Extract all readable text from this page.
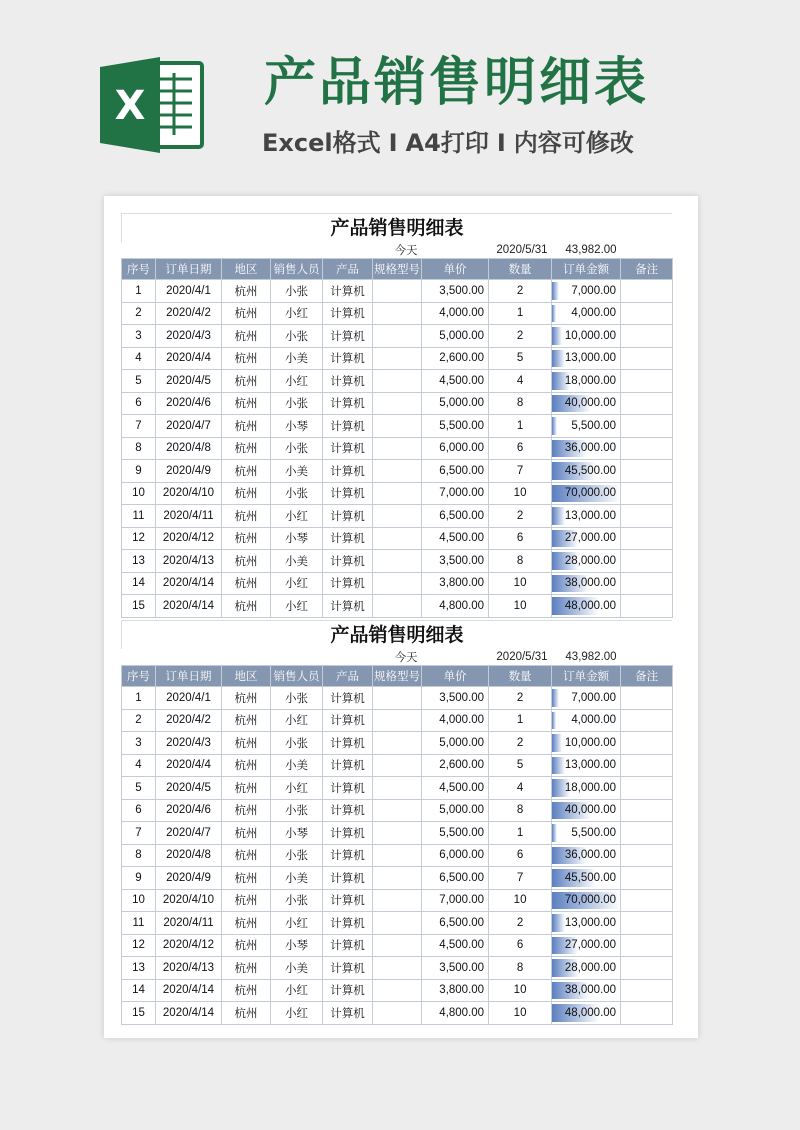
X 产品销售明细表
Excel格式 I A4打印 I 内容可修改
产品销售明细表
今天						2020/5/31		43,982.00	
序号	订单日期	地区	销售人员	产品	规格型号	单价	数量	订单金额	备注
1	2020/4/1	杭州	小张	计算机		3,500.00	2	7,000.00	
2	2020/4/2	杭州	小红	计算机		4,000.00	1	4,000.00	
3	2020/4/3	杭州	小张	计算机		5,000.00	2	10,000.00	
4	2020/4/4	杭州	小美	计算机		2,600.00	5	13,000.00	
5	2020/4/5	杭州	小红	计算机		4,500.00	4	18,000.00	
6	2020/4/6	杭州	小张	计算机		5,000.00	8	40,000.00	
7	2020/4/7	杭州	小琴	计算机		5,500.00	1	5,500.00	
8	2020/4/8	杭州	小张	计算机		6,000.00	6	36,000.00	
9	2020/4/9	杭州	小美	计算机		6,500.00	7	45,500.00	
10	2020/4/10	杭州	小张	计算机		7,000.00	10	70,000.00	
11	2020/4/11	杭州	小红	计算机		6,500.00	2	13,000.00	
12	2020/4/12	杭州	小琴	计算机		4,500.00	6	27,000.00	
13	2020/4/13	杭州	小美	计算机		3,500.00	8	28,000.00	
14	2020/4/14	杭州	小红	计算机		3,800.00	10	38,000.00	
15	2020/4/14	杭州	小红	计算机		4,800.00	10	48,000.00	
产品销售明细表
今天						2020/5/31		43,982.00	
序号	订单日期	地区	销售人员	产品	规格型号	单价	数量	订单金额	备注
1	2020/4/1	杭州	小张	计算机		3,500.00	2	7,000.00	
2	2020/4/2	杭州	小红	计算机		4,000.00	1	4,000.00	
3	2020/4/3	杭州	小张	计算机		5,000.00	2	10,000.00	
4	2020/4/4	杭州	小美	计算机		2,600.00	5	13,000.00	
5	2020/4/5	杭州	小红	计算机		4,500.00	4	18,000.00	
6	2020/4/6	杭州	小张	计算机		5,000.00	8	40,000.00	
7	2020/4/7	杭州	小琴	计算机		5,500.00	1	5,500.00	
8	2020/4/8	杭州	小张	计算机		6,000.00	6	36,000.00	
9	2020/4/9	杭州	小美	计算机		6,500.00	7	45,500.00	
10	2020/4/10	杭州	小张	计算机		7,000.00	10	70,000.00	
11	2020/4/11	杭州	小红	计算机		6,500.00	2	13,000.00	
12	2020/4/12	杭州	小琴	计算机		4,500.00	6	27,000.00	
13	2020/4/13	杭州	小美	计算机		3,500.00	8	28,000.00	
14	2020/4/14	杭州	小红	计算机		3,800.00	10	38,000.00	
15	2020/4/14	杭州	小红	计算机		4,800.00	10	48,000.00	
